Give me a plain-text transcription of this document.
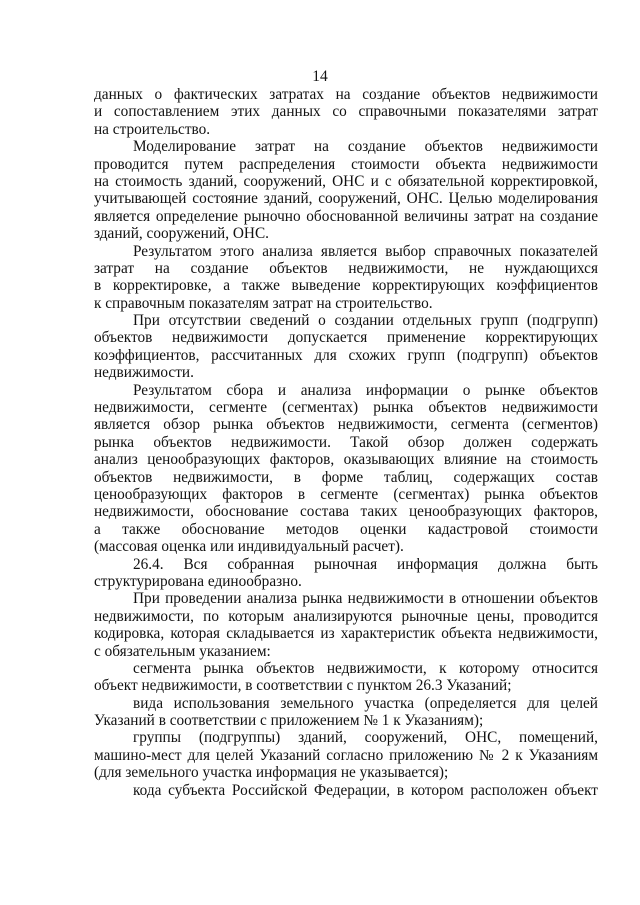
14
данных о фактических затратах на создание объектов недвижимости
и сопоставлением этих данных со справочными показателями затрат
на строительство.
Моделирование затрат на создание объектов недвижимости
проводится путем распределения стоимости объекта недвижимости
на стоимость зданий, сооружений, ОНС и с обязательной корректировкой,
учитывающей состояние зданий, сооружений, ОНС. Целью моделирования
является определение рыночно обоснованной величины затрат на создание
зданий, сооружений, ОНС.
Результатом этого анализа является выбор справочных показателей
затрат на создание объектов недвижимости, не нуждающихся
в корректировке, а также выведение корректирующих коэффициентов
к справочным показателям затрат на строительство.
При отсутствии сведений о создании отдельных групп (подгрупп)
объектов недвижимости допускается применение корректирующих
коэффициентов, рассчитанных для схожих групп (подгрупп) объектов
недвижимости.
Результатом сбора и анализа информации о рынке объектов
недвижимости, сегменте (сегментах) рынка объектов недвижимости
является обзор рынка объектов недвижимости, сегмента (сегментов)
рынка объектов недвижимости. Такой обзор должен содержать
анализ ценообразующих факторов, оказывающих влияние на стоимость
объектов недвижимости, в форме таблиц, содержащих состав
ценообразующих факторов в сегменте (сегментах) рынка объектов
недвижимости, обоснование состава таких ценообразующих факторов,
а также обоснование методов оценки кадастровой стоимости
(массовая оценка или индивидуальный расчет).
26.4. Вся собранная рыночная информация должна быть
структурирована единообразно.
При проведении анализа рынка недвижимости в отношении объектов
недвижимости, по которым анализируются рыночные цены, проводится
кодировка, которая складывается из характеристик объекта недвижимости,
с обязательным указанием:
сегмента рынка объектов недвижимости, к которому относится
объект недвижимости, в соответствии с пунктом 26.3 Указаний;
вида использования земельного участка (определяется для целей
Указаний в соответствии с приложением № 1 к Указаниям);
группы (подгруппы) зданий, сооружений, ОНС, помещений,
машино-мест для целей Указаний согласно приложению № 2 к Указаниям
(для земельного участка информация не указывается);
кода субъекта Российской Федерации, в котором расположен объект
